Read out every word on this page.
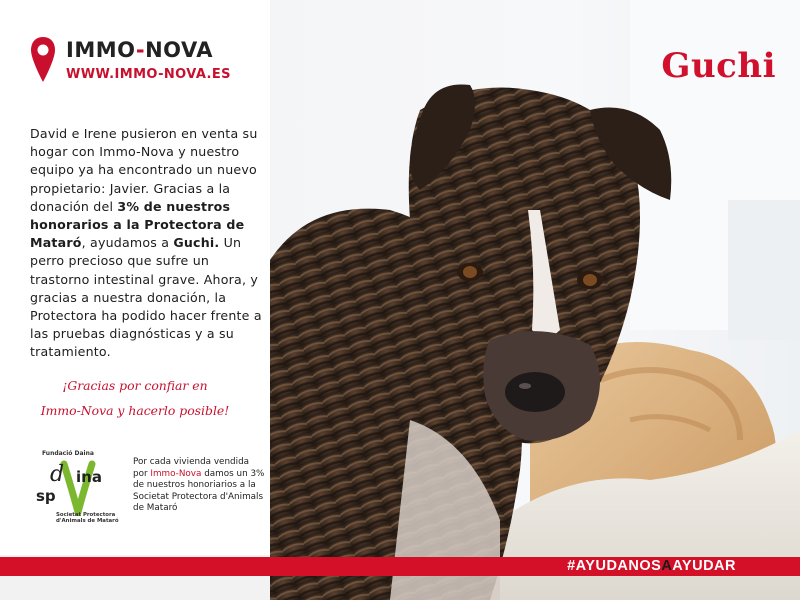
IMMO-NOVA
WWW.IMMO-NOVA.ES
David e Irene pusieron en venta su hogar con Immo-Nova y nuestro equipo ya ha encontrado un nuevo propietario: Javier. Gracias a la donación del 3% de nuestros honorarios a la Protectora de Mataró, ayudamos a Guchi. Un perro precioso que sufre un trastorno intestinal grave. Ahora, y gracias a nuestra donación, la Protectora ha podido hacer frente a las pruebas diagnósticas y a su tratamiento.
¡Gracias por confiar en
Immo-Nova y hacerlo posible!
Fundació Daina
d ina
sp
Societat Protectora
d'Animals de Mataró
Por cada vivienda vendida por Immo-Nova damos un 3% de nuestros honoriarios a la Societat Protectora d'Animals de Mataró
Guchi
#AYUDANOSAAYUDAR
